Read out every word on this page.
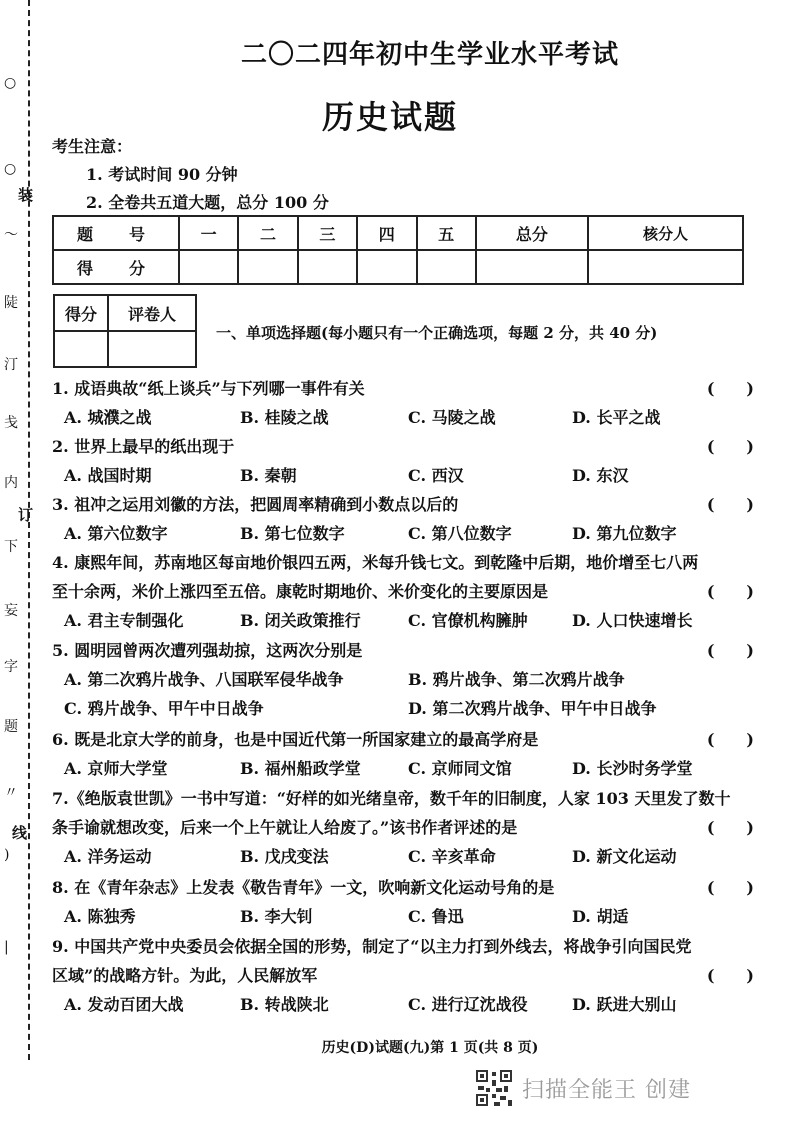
○
○
装
〜
陡
汀
戋
内
订
下
妄
字
题
〃
线
)
|
二〇二四年初中生学业水平考试
历史试题
考生注意：
1. 考试时间 90 分钟
2. 全卷共五道大题，总分 100 分
题　号	一	二	三	四	五	总分	核分人
得　分							
得分	评卷人

一、单项选择题(每小题只有一个正确选项，每题 2 分，共 40 分)
1. 成语典故“纸上谈兵”与下列哪一事件有关	(　　)
A. 城濮之战	B. 桂陵之战	C. 马陵之战	D. 长平之战
2. 世界上最早的纸出现于	(　　)
A. 战国时期	B. 秦朝	C. 西汉	D. 东汉
3. 祖冲之运用刘徽的方法，把圆周率精确到小数点以后的	(　　)
A. 第六位数字	B. 第七位数字	C. 第八位数字	D. 第九位数字
4. 康熙年间，苏南地区每亩地价银四五两，米每升钱七文。到乾隆中后期，地价增至七八两
至十余两，米价上涨四至五倍。康乾时期地价、米价变化的主要原因是	(　　)
A. 君主专制强化	B. 闭关政策推行	C. 官僚机构臃肿	D. 人口快速增长
5. 圆明园曾两次遭列强劫掠，这两次分别是	(　　)
A. 第二次鸦片战争、八国联军侵华战争	B. 鸦片战争、第二次鸦片战争
C. 鸦片战争、甲午中日战争	D. 第二次鸦片战争、甲午中日战争
6. 既是北京大学的前身，也是中国近代第一所国家建立的最高学府是	(　　)
A. 京师大学堂	B. 福州船政学堂	C. 京师同文馆	D. 长沙时务学堂
7.《绝版袁世凯》一书中写道：“好样的如光绪皇帝，数千年的旧制度，人家 103 天里发了数十
条手谕就想改变，后来一个上午就让人给废了。”该书作者评述的是	(　　)
A. 洋务运动	B. 戊戌变法	C. 辛亥革命	D. 新文化运动
8. 在《青年杂志》上发表《敬告青年》一文，吹响新文化运动号角的是	(　　)
A. 陈独秀	B. 李大钊	C. 鲁迅	D. 胡适
9. 中国共产党中央委员会依据全国的形势，制定了“以主力打到外线去，将战争引向国民党
区域”的战略方针。为此，人民解放军	(　　)
A. 发动百团大战	B. 转战陕北	C. 进行辽沈战役	D. 跃进大别山
历史(D)试题(九)第 1 页(共 8 页)
扫描全能王 创建
